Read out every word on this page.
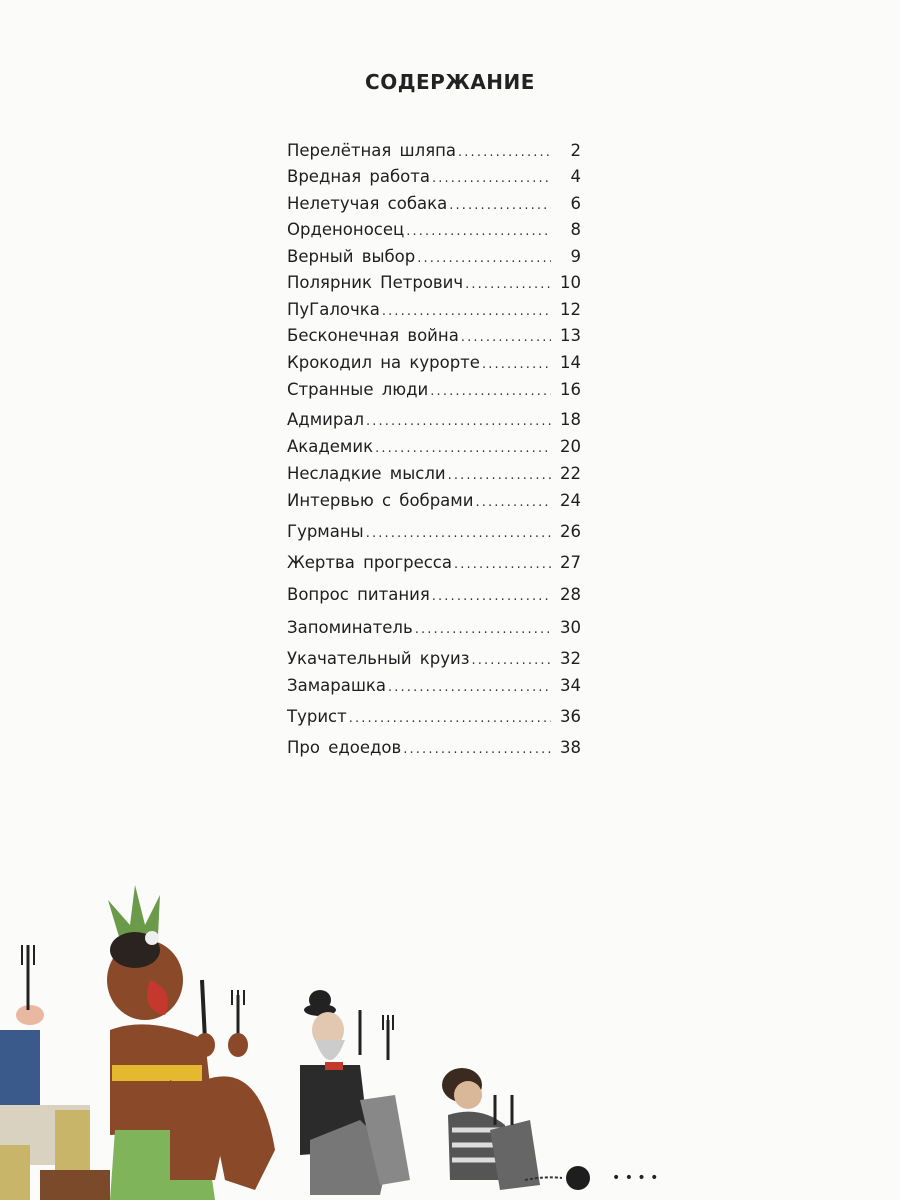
СОДЕРЖАНИЕ
Перелётная шляпа . . .	2
Вредная работа . . .	4
Нелетучая собака . . .	6
Орденоносец . . .	8
Верный выбор . . .	9
Полярник Петрович . . .	10
ПуГалочка . . .	12
Бесконечная война . . .	13
Крокодил на курорте . . .	14
Странные люди . . .	16
Адмирал . . .	18
Академик . . .	20
Несладкие мысли . . .	22
Интервью с бобрами . . .	24
Гурманы . . .	26
Жертва прогресса . . .	27
Вопрос питания . . .	28
Запоминатель . . .	30
Укачательный круиз . . .	32
Замарашка . . .	34
Турист . . .	36
Про едоедов . . .	38
• • • •
